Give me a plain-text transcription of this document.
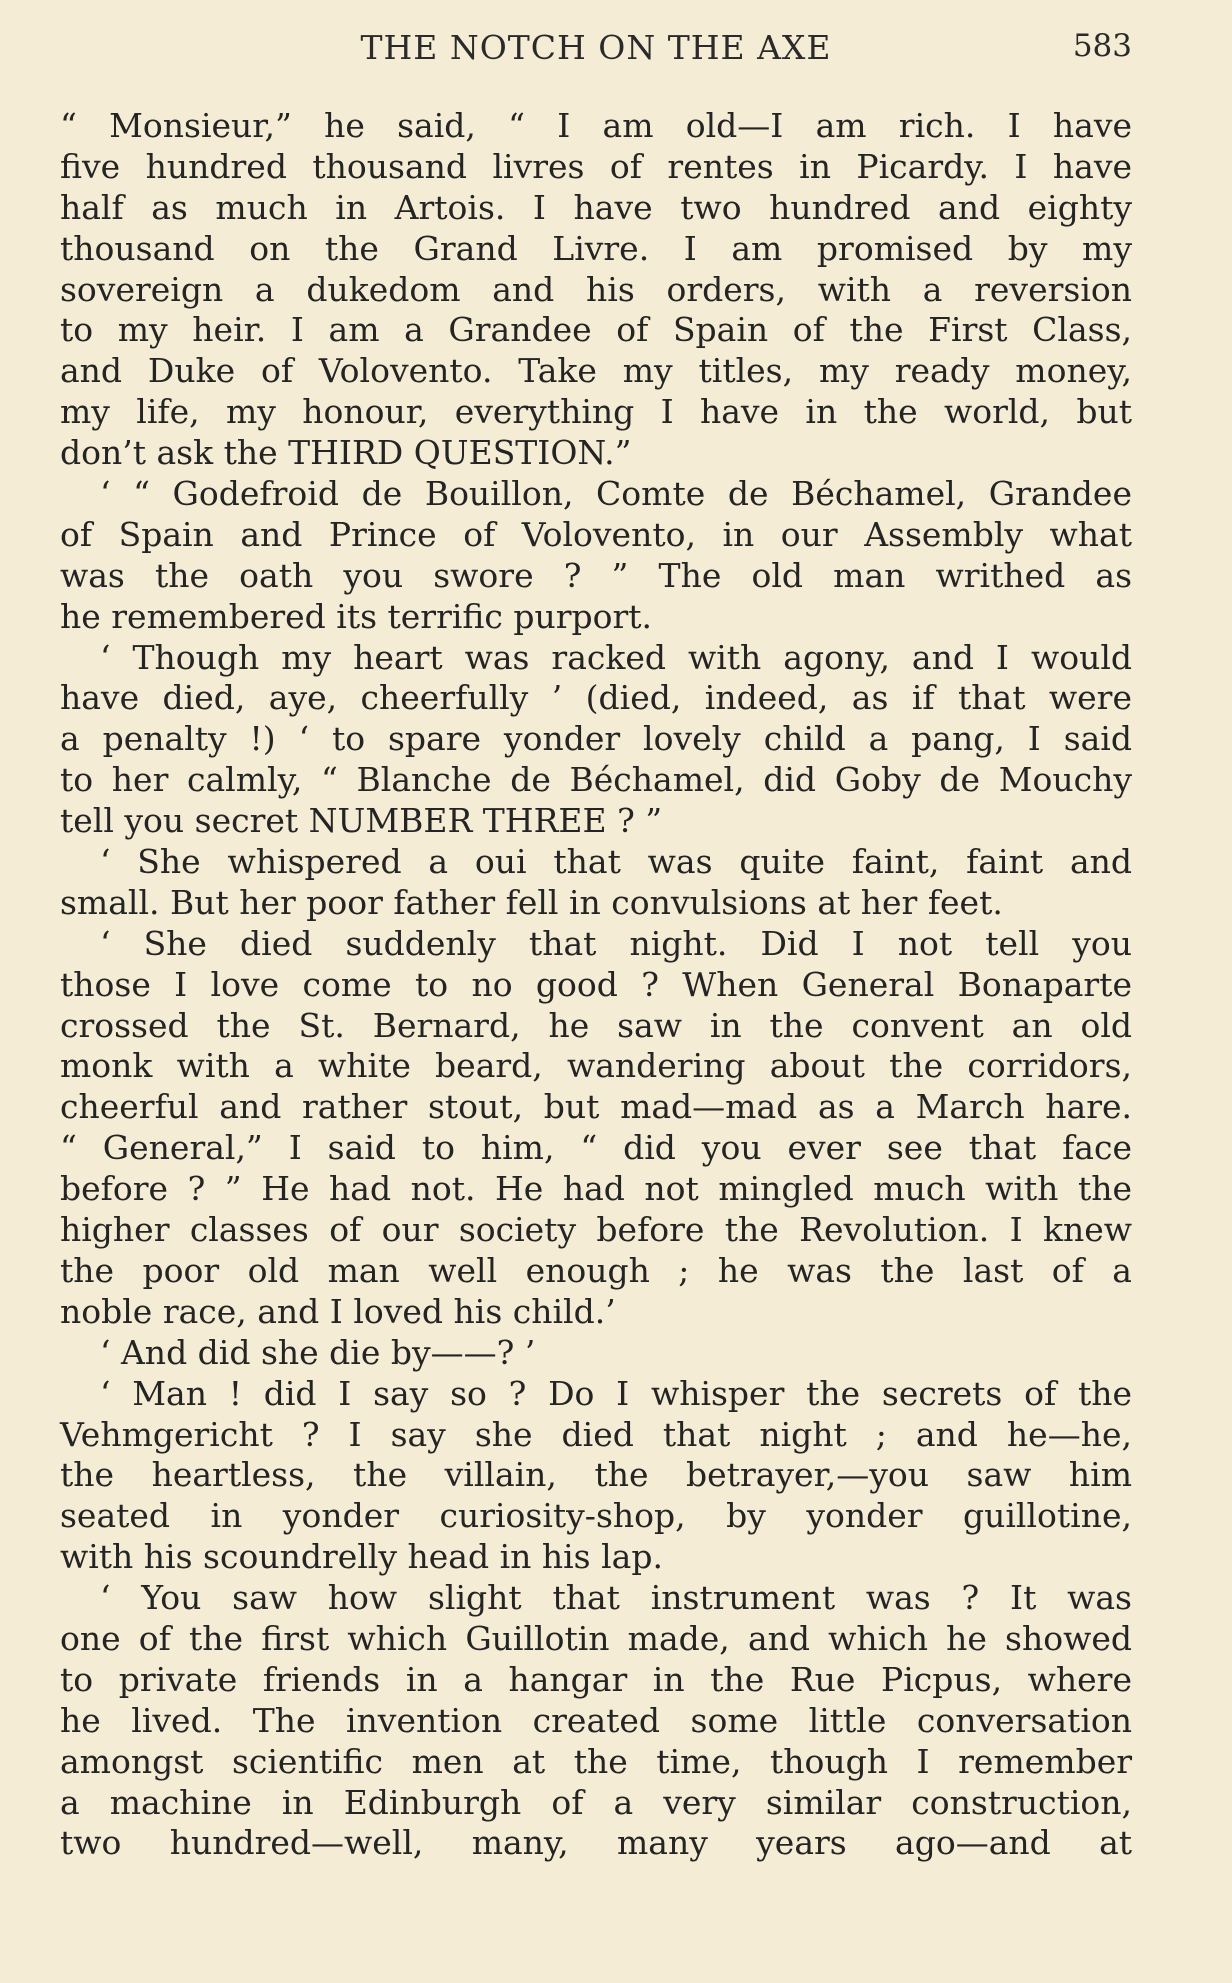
THE NOTCH ON THE AXE	583
“ Monsieur,” he said, “ I am old—I am rich. I have
five hundred thousand livres of rentes in Picardy. I have
half as much in Artois. I have two hundred and eighty
thousand on the Grand Livre. I am promised by my
sovereign a dukedom and his orders, with a reversion
to my heir. I am a Grandee of Spain of the First Class,
and Duke of Volovento. Take my titles, my ready money,
my life, my honour, everything I have in the world, but
don’t ask the THIRD QUESTION.”
‘ “ Godefroid de Bouillon, Comte de Béchamel, Grandee
of Spain and Prince of Volovento, in our Assembly what
was the oath you swore ? ” The old man writhed as
he remembered its terrific purport.
‘ Though my heart was racked with agony, and I would
have died, aye, cheerfully ’ (died, indeed, as if that were
a penalty !) ‘ to spare yonder lovely child a pang, I said
to her calmly, “ Blanche de Béchamel, did Goby de Mouchy
tell you secret NUMBER THREE ? ”
‘ She whispered a oui that was quite faint, faint and
small. But her poor father fell in convulsions at her feet.
‘ She died suddenly that night. Did I not tell you
those I love come to no good ? When General Bonaparte
crossed the St. Bernard, he saw in the convent an old
monk with a white beard, wandering about the corridors,
cheerful and rather stout, but mad—mad as a March hare.
“ General,” I said to him, “ did you ever see that face
before ? ” He had not. He had not mingled much with the
higher classes of our society before the Revolution. I knew
the poor old man well enough ; he was the last of a
noble race, and I loved his child.’
‘ And did she die by——? ’
‘ Man ! did I say so ? Do I whisper the secrets of the
Vehmgericht ? I say she died that night ; and he—he,
the heartless, the villain, the betrayer,—you saw him
seated in yonder curiosity-shop, by yonder guillotine,
with his scoundrelly head in his lap.
‘ You saw how slight that instrument was ? It was
one of the first which Guillotin made, and which he showed
to private friends in a hangar in the Rue Picpus, where
he lived. The invention created some little conversation
amongst scientific men at the time, though I remember
a machine in Edinburgh of a very similar construction,
two hundred—well, many, many years ago—and at
